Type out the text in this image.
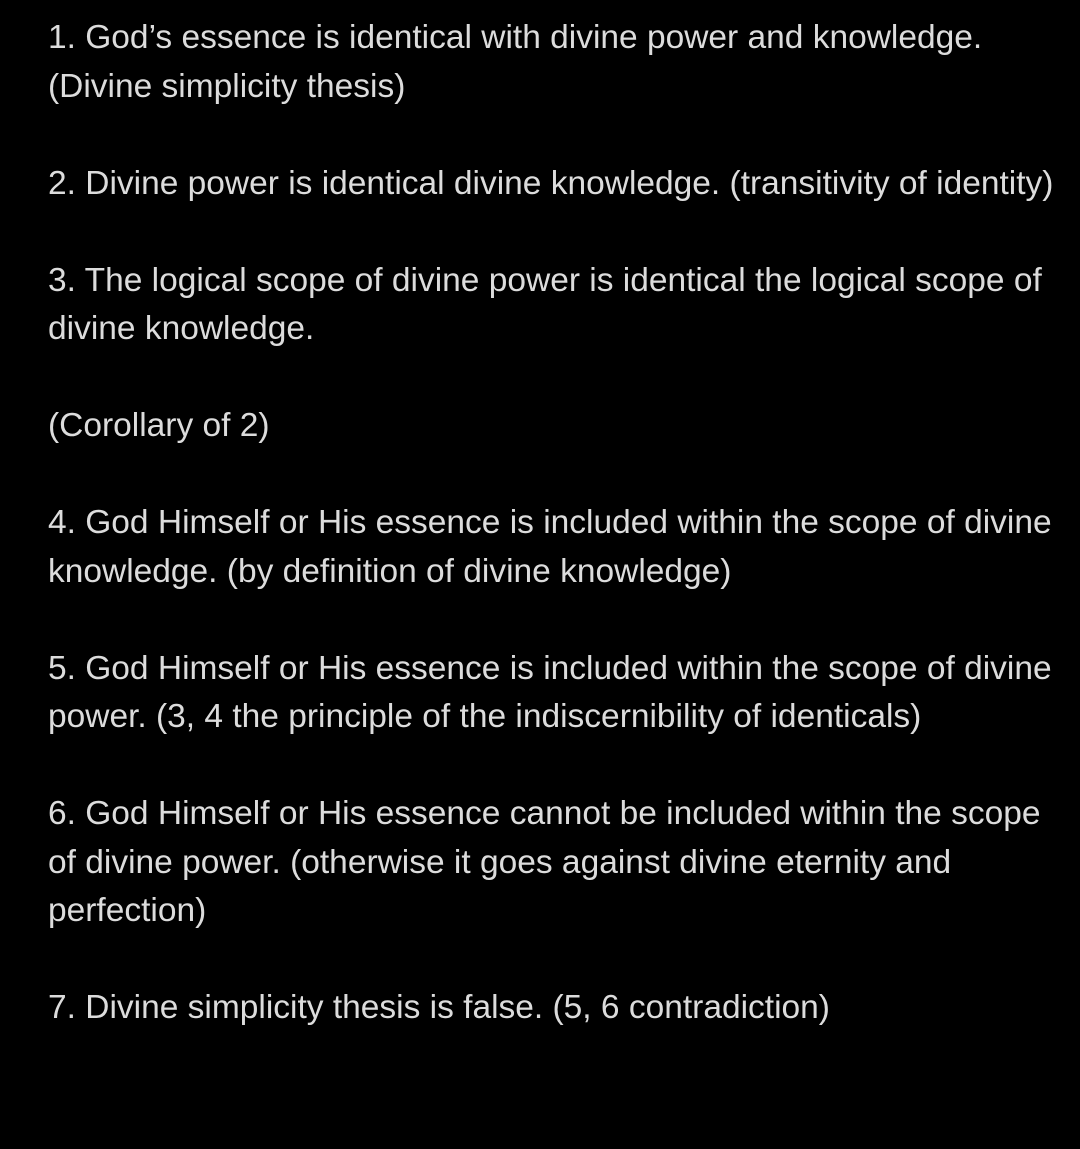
1. God’s essence is identical with divine power and knowledge. (Divine simplicity thesis)

2. Divine power is identical divine knowledge. (transitivity of identity)

3. The logical scope of divine power is identical the logical scope of divine knowledge.

(Corollary of 2)

4. God Himself or His essence is included within the scope of divine knowledge. (by definition of divine knowledge)

5. God Himself or His essence is included within the scope of divine power. (3, 4 the principle of the indiscernibility of identicals)

6. God Himself or His essence cannot be included within the scope of divine power. (otherwise it goes against divine eternity and perfection)

7. Divine simplicity thesis is false. (5, 6 contradiction)
